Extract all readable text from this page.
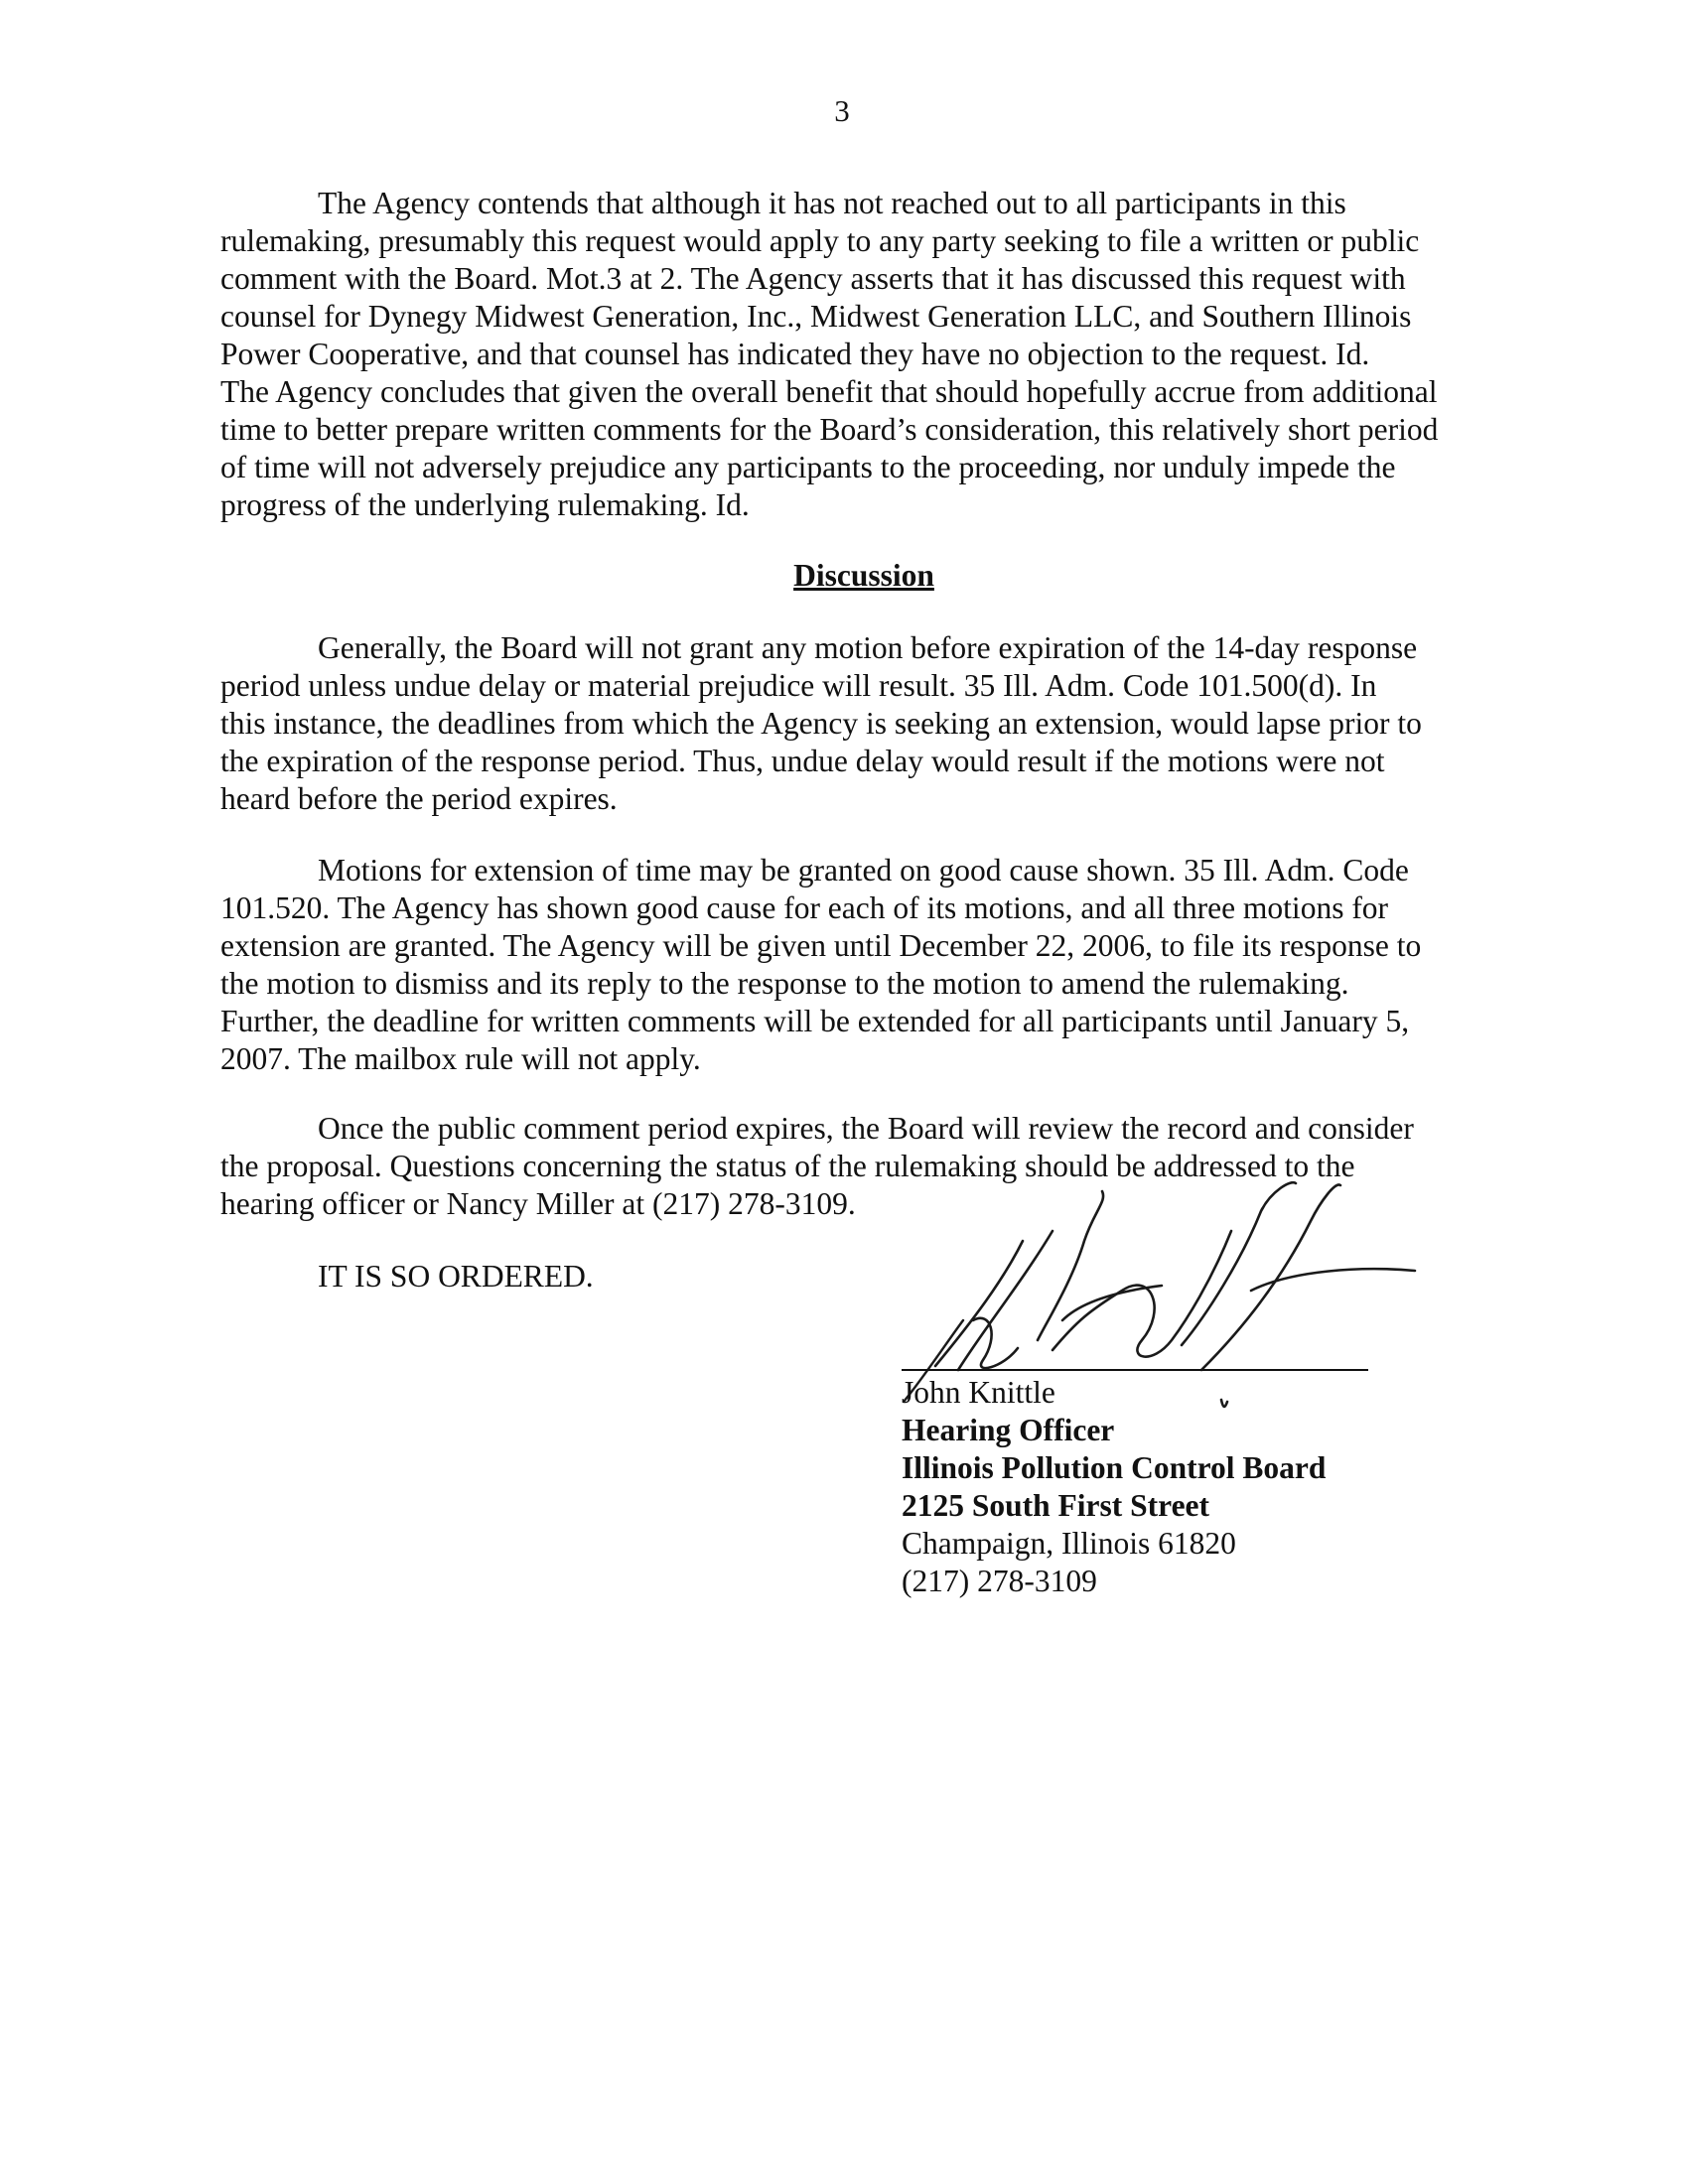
3
The Agency contends that although it has not reached out to all participants in this
rulemaking, presumably this request would apply to any party seeking to file a written or public
comment with the Board. Mot.3 at 2. The Agency asserts that it has discussed this request with
counsel for Dynegy Midwest Generation, Inc., Midwest Generation LLC, and Southern Illinois
Power Cooperative, and that counsel has indicated they have no objection to the request. Id.
The Agency concludes that given the overall benefit that should hopefully accrue from additional
time to better prepare written comments for the Board’s consideration, this relatively short period
of time will not adversely prejudice any participants to the proceeding, nor unduly impede the
progress of the underlying rulemaking. Id.
Discussion
Generally, the Board will not grant any motion before expiration of the 14-day response
period unless undue delay or material prejudice will result. 35 Ill. Adm. Code 101.500(d). In
this instance, the deadlines from which the Agency is seeking an extension, would lapse prior to
the expiration of the response period. Thus, undue delay would result if the motions were not
heard before the period expires.
Motions for extension of time may be granted on good cause shown. 35 Ill. Adm. Code
101.520. The Agency has shown good cause for each of its motions, and all three motions for
extension are granted. The Agency will be given until December 22, 2006, to file its response to
the motion to dismiss and its reply to the response to the motion to amend the rulemaking.
Further, the deadline for written comments will be extended for all participants until January 5,
2007. The mailbox rule will not apply.
Once the public comment period expires, the Board will review the record and consider
the proposal. Questions concerning the status of the rulemaking should be addressed to the
hearing officer or Nancy Miller at (217) 278-3109.
IT IS SO ORDERED.
John Knittle
Hearing Officer
Illinois Pollution Control Board
2125 South First Street
Champaign, Illinois 61820
(217) 278-3109
